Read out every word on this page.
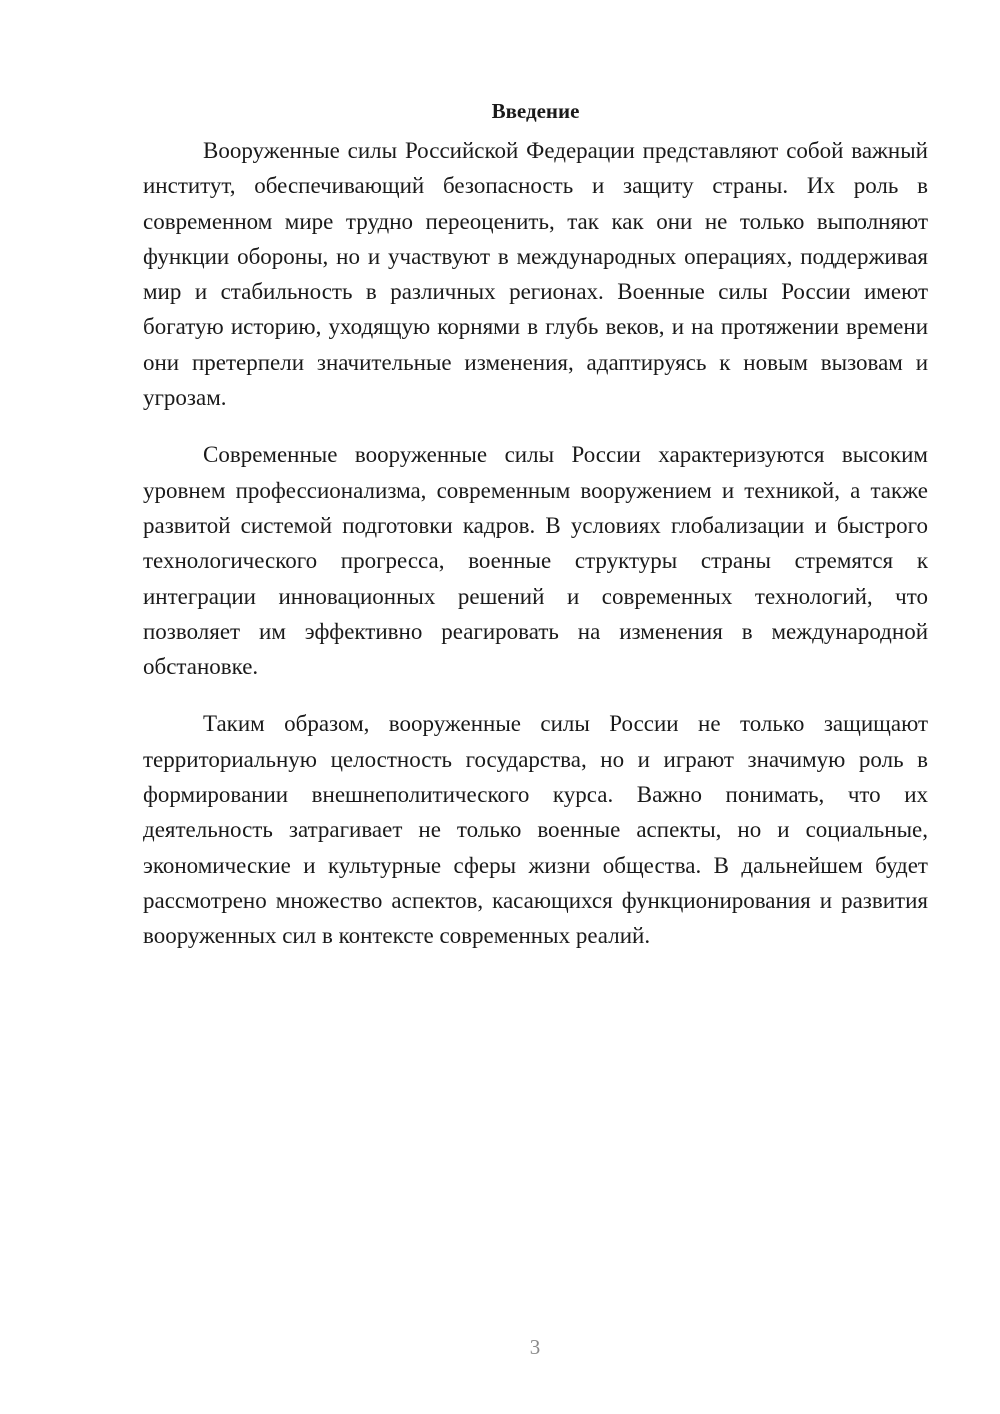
Введение

Вооруженные силы Российской Федерации представляют собой важный институт, обеспечивающий безопасность и защиту страны. Их роль в современном мире трудно переоценить, так как они не только выполняют функции обороны, но и участвуют в международных операциях, поддерживая мир и стабильность в различных регионах. Военные силы России имеют богатую историю, уходящую корнями в глубь веков, и на протяжении времени они претерпели значительные изменения, адаптируясь к новым вызовам и угрозам.

Современные вооруженные силы России характеризуются высоким уровнем профессионализма, современным вооружением и техникой, а также развитой системой подготовки кадров. В условиях глобализации и быстрого технологического прогресса, военные структуры страны стремятся к интеграции инновационных решений и современных технологий, что позволяет им эффективно реагировать на изменения в международной обстановке.

Таким образом, вооруженные силы России не только защищают территориальную целостность государства, но и играют значимую роль в формировании внешнеполитического курса. Важно понимать, что их деятельность затрагивает не только военные аспекты, но и социальные, экономические и культурные сферы жизни общества. В дальнейшем будет рассмотрено множество аспектов, касающихся функционирования и развития вооруженных сил в контексте современных реалий.

3
